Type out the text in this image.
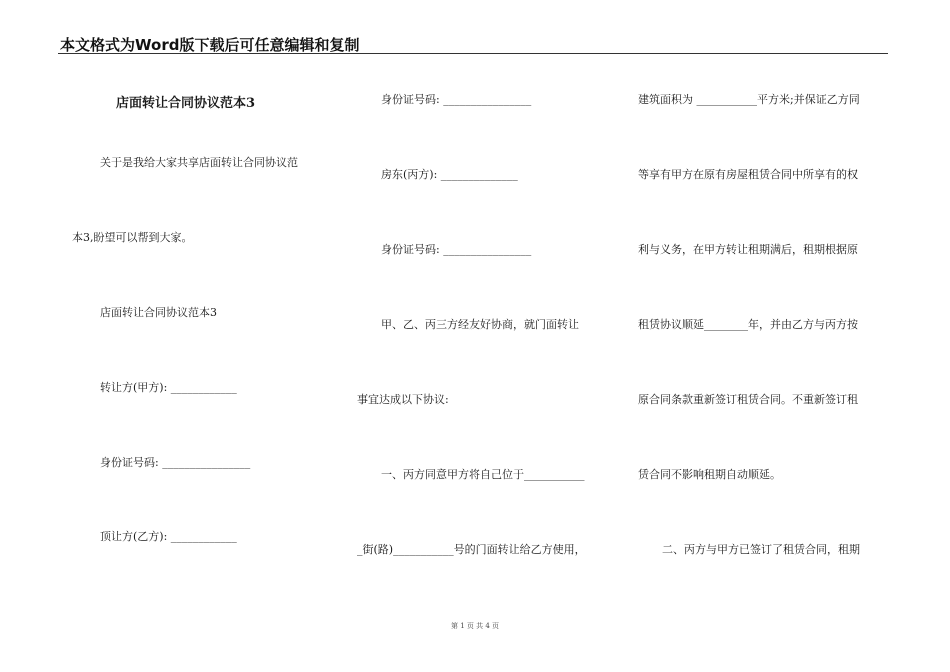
本文格式为Word版下载后可任意编辑和复制
店面转让合同协议范本3
关于是我给大家共享店面转让合同协议范
本3,盼望可以帮到大家。
店面转让合同协议范本3
转让方(甲方): ____________
身份证号码: ________________
顶让方(乙方): ____________
身份证号码: ________________
房东(丙方): ______________
身份证号码: ________________
甲、乙、丙三方经友好协商，就门面转让
事宜达成以下协议:
一、丙方同意甲方将自己位于___________
_街(路)___________号的门面转让给乙方使用，
建筑面积为 ___________平方米;并保证乙方同
等享有甲方在原有房屋租赁合同中所享有的权
利与义务，在甲方转让租期满后，租期根据原
租赁协议顺延________年，并由乙方与丙方按
原合同条款重新签订租赁合同。不重新签订租
赁合同不影响租期自动顺延。
二、丙方与甲方已签订了租赁合同，租期
第 1 页 共 4 页
